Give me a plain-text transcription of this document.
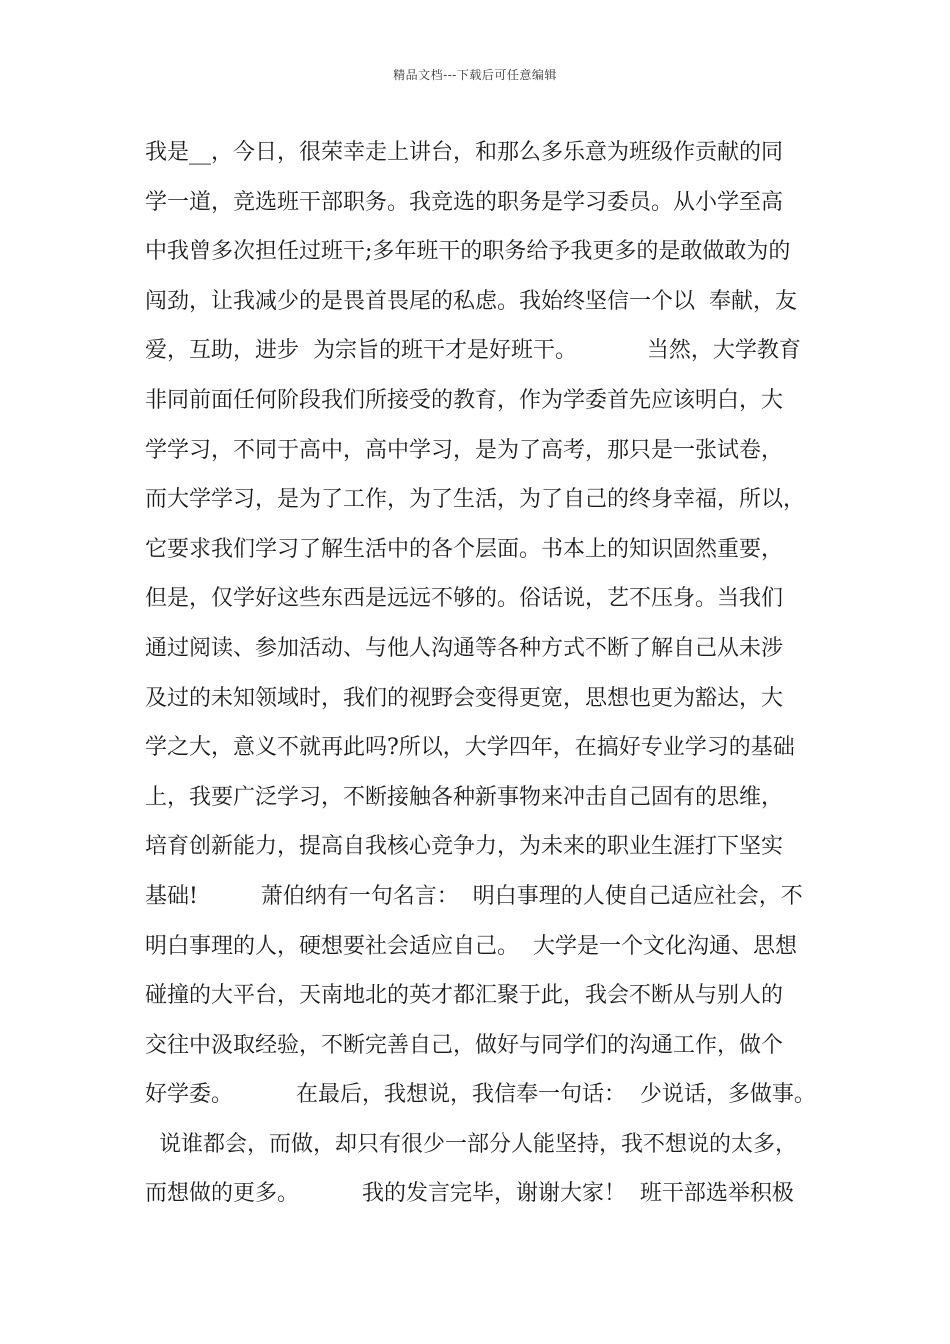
精品文档---下载后可任意编辑
我是__，今日，很荣幸走上讲台，和那么多乐意为班级作贡献的同
学一道，竞选班干部职务。我竞选的职务是学习委员。从小学至高
中我曾多次担任过班干;多年班干的职务给予我更多的是敢做敢为的
闯劲，让我减少的是畏首畏尾的私虑。我始终坚信一个以  奉献，友
爱，互助，进步  为宗旨的班干才是好班干。          当然，大学教育
非同前面任何阶段我们所接受的教育，作为学委首先应该明白，大
学学习，不同于高中，高中学习，是为了高考，那只是一张试卷，
而大学学习，是为了工作，为了生活，为了自己的终身幸福，所以，
它要求我们学习了解生活中的各个层面。书本上的知识固然重要，
但是，仅学好这些东西是远远不够的。俗话说，艺不压身。当我们
通过阅读、参加活动、与他人沟通等各种方式不断了解自己从未涉
及过的未知领域时，我们的视野会变得更宽，思想也更为豁达，大
学之大，意义不就再此吗?所以，大学四年，在搞好专业学习的基础
上，我要广泛学习，不断接触各种新事物来冲击自己固有的思维，
培育创新能力，提高自我核心竞争力，为未来的职业生涯打下坚实
基础!         萧伯纳有一句名言：  明白事理的人使自己适应社会，不
明白事理的人，硬想要社会适应自己。  大学是一个文化沟通、思想
碰撞的大平台，天南地北的英才都汇聚于此，我会不断从与别人的
交往中汲取经验，不断完善自己，做好与同学们的沟通工作，做个
好学委。         在最后，我想说，我信奉一句话：  少说话，多做事。
说谁都会，而做，却只有很少一部分人能坚持，我不想说的太多，
而想做的更多。         我的发言完毕，谢谢大家！  班干部选举积极
